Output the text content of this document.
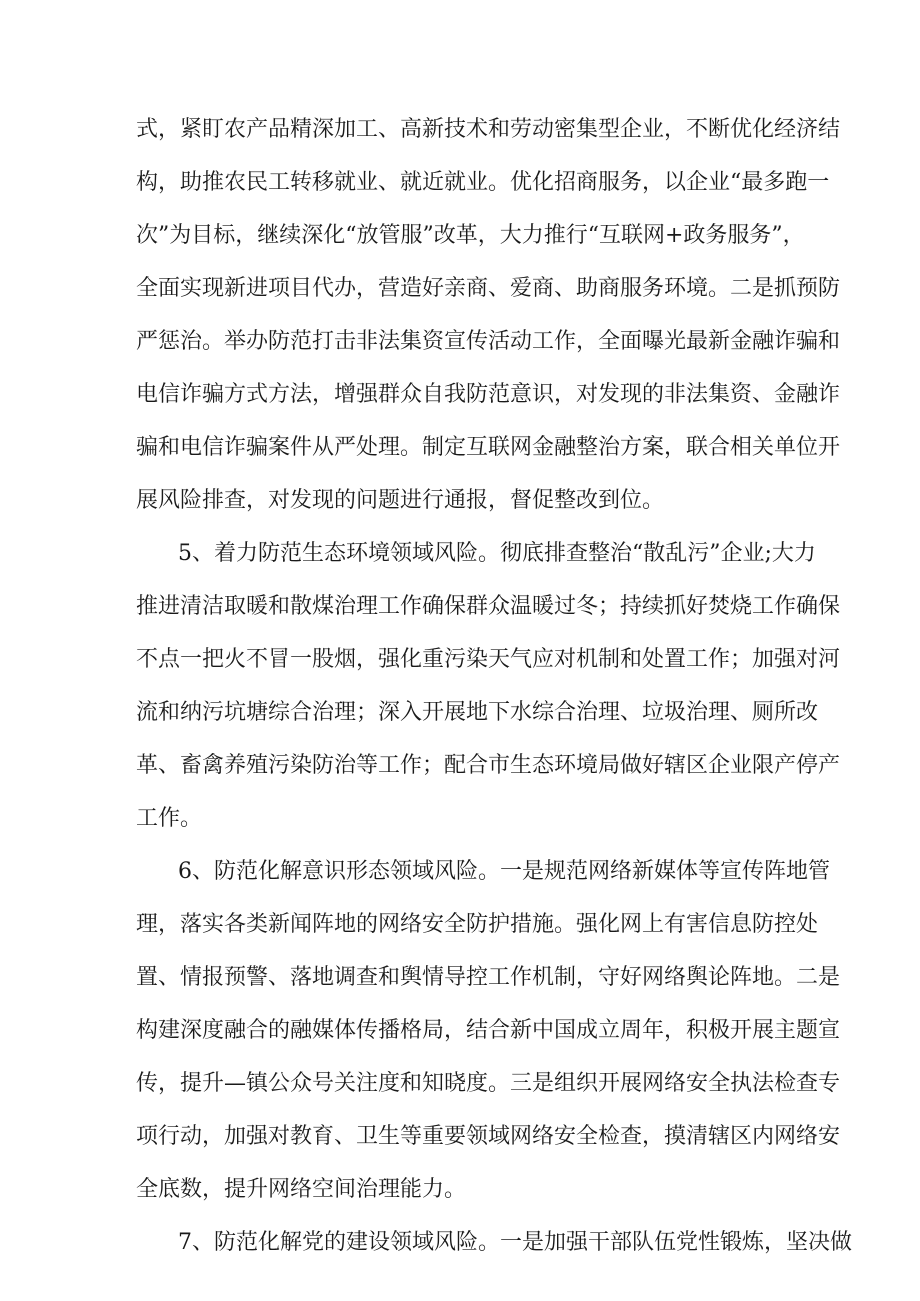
式，紧盯农产品精深加工、高新技术和劳动密集型企业，不断优化经济结
构，助推农民工转移就业、就近就业。优化招商服务，以企业“最多跑一
次”为目标，继续深化“放管服”改革，大力推行“互联网+政务服务”，
全面实现新进项目代办，营造好亲商、爱商、助商服务环境。二是抓预防
严惩治。举办防范打击非法集资宣传活动工作，全面曝光最新金融诈骗和
电信诈骗方式方法，增强群众自我防范意识，对发现的非法集资、金融诈
骗和电信诈骗案件从严处理。制定互联网金融整治方案，联合相关单位开
展风险排查，对发现的问题进行通报，督促整改到位。
5、着力防范生态环境领域风险。彻底排查整治“散乱污”企业;大力
推进清洁取暖和散煤治理工作确保群众温暖过冬；持续抓好焚烧工作确保
不点一把火不冒一股烟，强化重污染天气应对机制和处置工作；加强对河
流和纳污坑塘综合治理；深入开展地下水综合治理、垃圾治理、厕所改
革、畜禽养殖污染防治等工作；配合市生态环境局做好辖区企业限产停产
工作。
6、防范化解意识形态领域风险。一是规范网络新媒体等宣传阵地管
理，落实各类新闻阵地的网络安全防护措施。强化网上有害信息防控处
置、情报预警、落地调查和舆情导控工作机制，守好网络舆论阵地。二是
构建深度融合的融媒体传播格局，结合新中国成立周年，积极开展主题宣
传，提升—镇公众号关注度和知晓度。三是组织开展网络安全执法检查专
项行动，加强对教育、卫生等重要领域网络安全检查，摸清辖区内网络安
全底数，提升网络空间治理能力。
7、防范化解党的建设领域风险。一是加强干部队伍党性锻炼，坚决做
